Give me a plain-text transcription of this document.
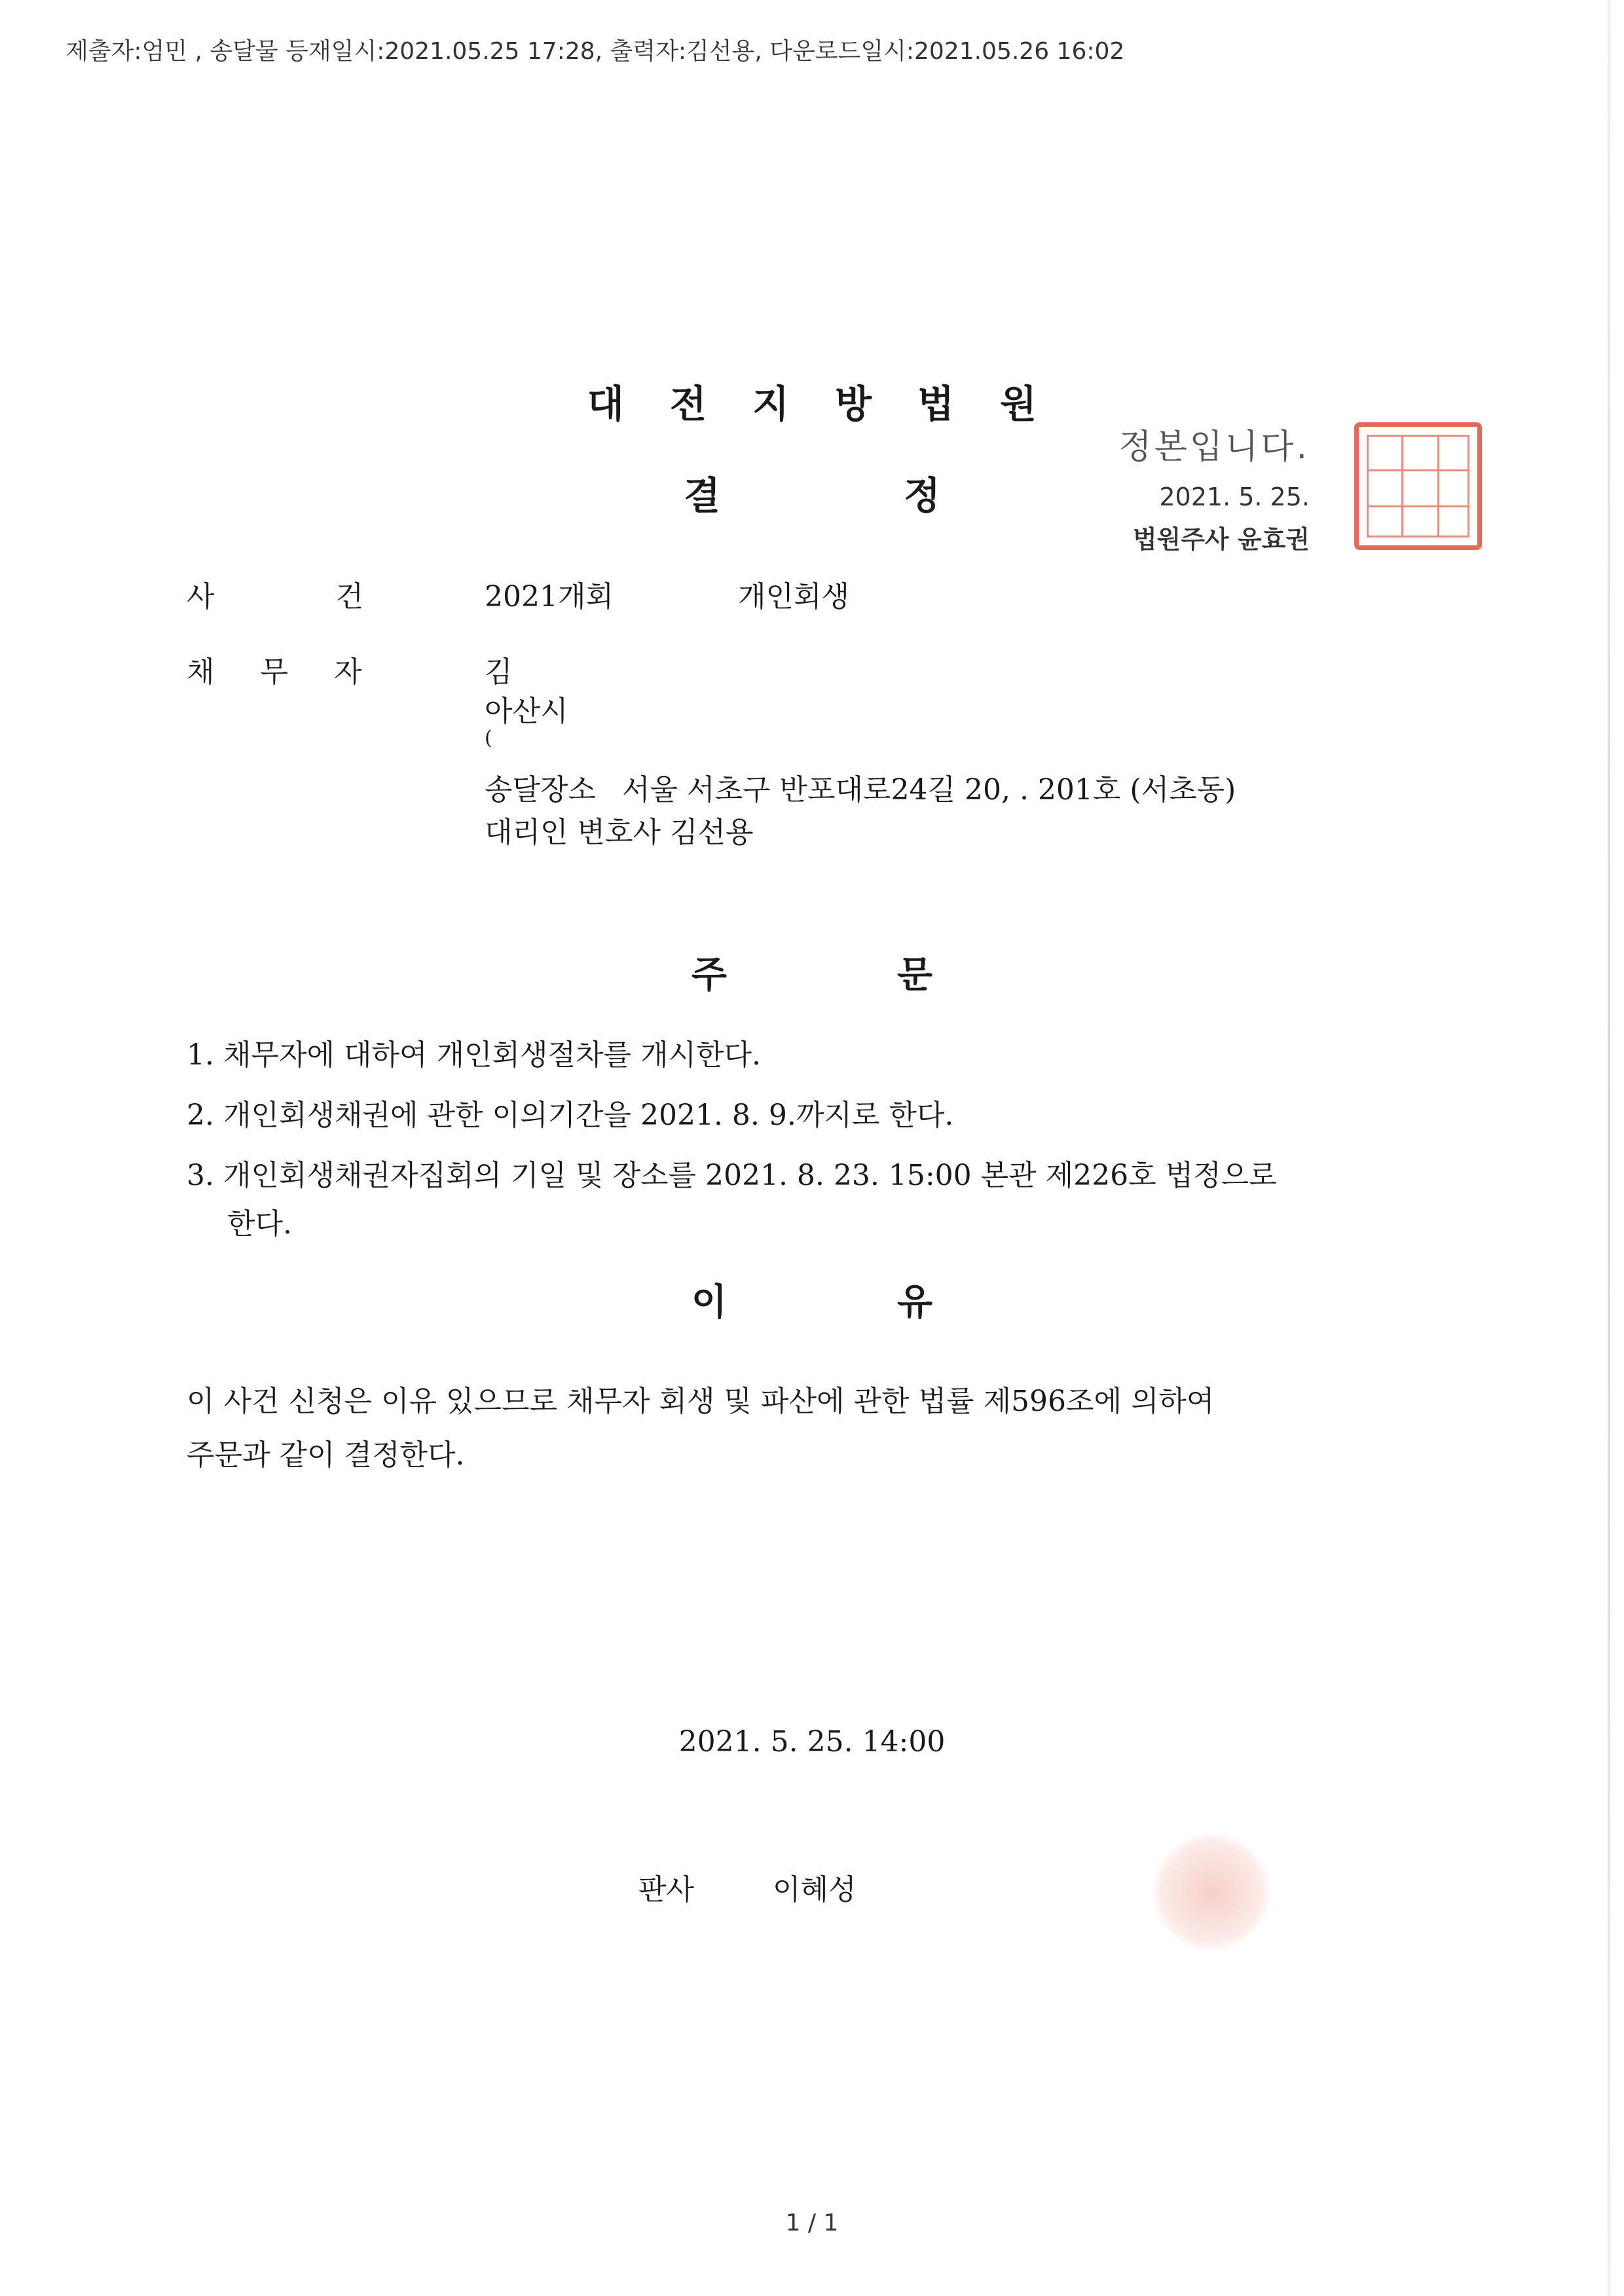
제출자:엄민 , 송달물 등재일시:2021.05.25 17:28, 출력자:김선용, 다운로드일시:2021.05.26 16:02
대전지방법원
결	정
정본입니다.
2021. 5. 25.
법원주사 윤효권
사	건	2021개회	개인회생
채 무 자	김
아산시
(
송달장소 서울 서초구 반포대로24길 20, . 201호 (서초동)
대리인 변호사 김선용
주	문
1. 채무자에 대하여 개인회생절차를 개시한다.
2. 개인회생채권에 관한 이의기간을 2021. 8. 9.까지로 한다.
3. 개인회생채권자집회의 기일 및 장소를 2021. 8. 23. 15:00 본관 제226호 법정으로
한다.
이	유
이 사건 신청은 이유 있으므로 채무자 회생 및 파산에 관한 법률 제596조에 의하여
주문과 같이 결정한다.
2021. 5. 25. 14:00
판사	이혜성
1 / 1
